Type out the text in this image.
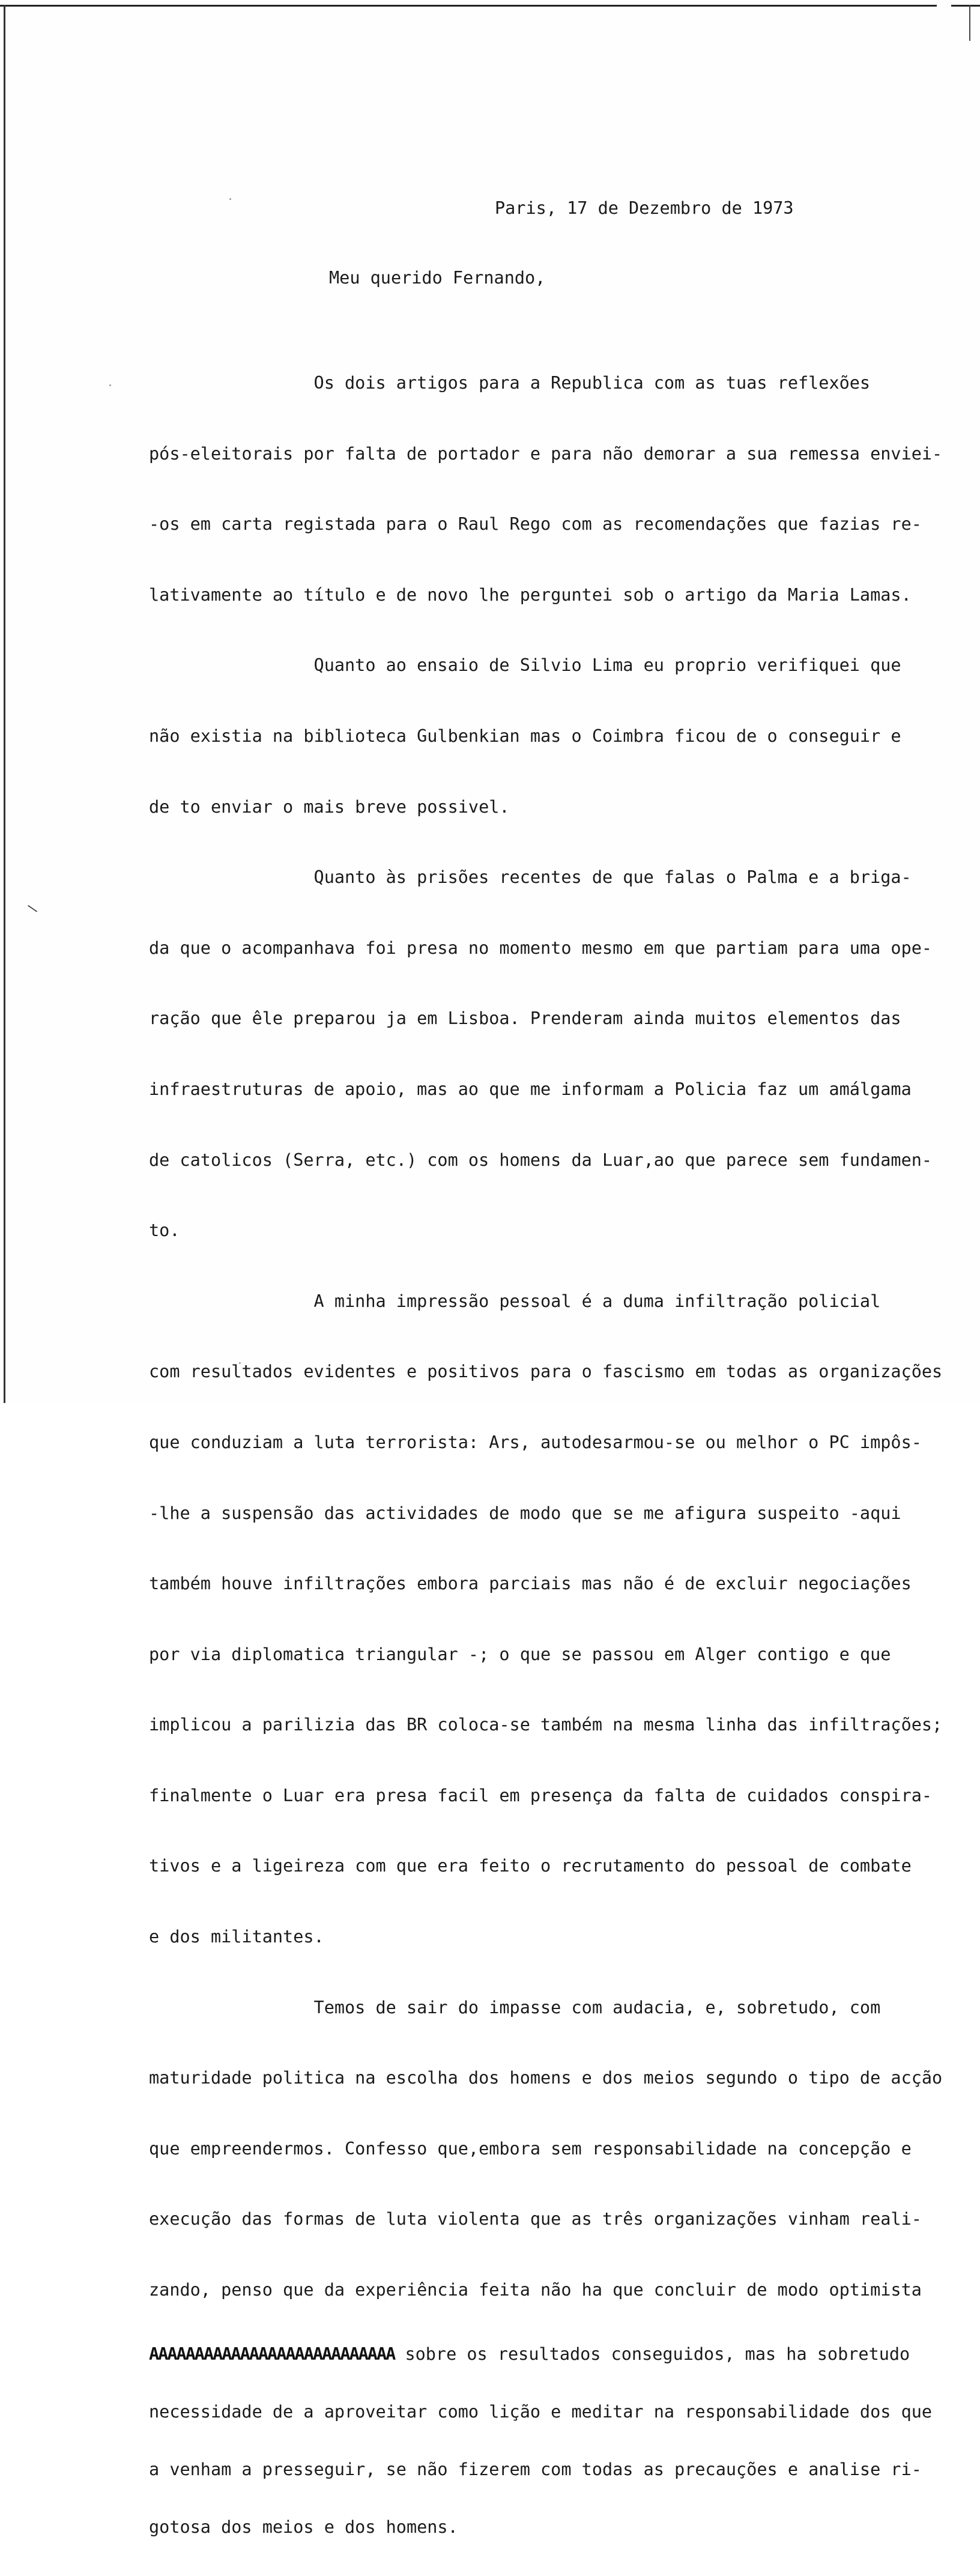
\
Paris, 17 de Dezembro de 1973
Meu querido Fernando,

Os dois artigos para a Republica com as tuas reflexões

pós-eleitorais por falta de portador e para não demorar a sua remessa enviei-

-os em carta registada para o Raul Rego com as recomendações que fazias re-

lativamente ao título e de novo lhe perguntei sob o artigo da Maria Lamas.

Quanto ao ensaio de Silvio Lima eu proprio verifiquei que

não existia na biblioteca Gulbenkian mas o Coimbra ficou de o conseguir e

de to enviar o mais breve possivel.

Quanto às prisões recentes de que falas o Palma e a briga-

da que o acompanhava foi presa no momento mesmo em que partiam para uma ope-

ração que êle preparou ja em Lisboa. Prenderam ainda muitos elementos das

infraestruturas de apoio, mas ao que me informam a Policia faz um amálgama

de catolicos (Serra, etc.) com os homens da Luar,ao que parece sem fundamen-

to.

A minha impressão pessoal é a duma infiltração policial

com resultados evidentes e positivos para o fascismo em todas as organizações

que conduziam a luta terrorista: Ars, autodesarmou-se ou melhor o PC impôs-

-lhe a suspensão das actividades de modo que se me afigura suspeito -aqui

também houve infiltrações embora parciais mas não é de excluir negociações

por via diplomatica triangular -; o que se passou em Alger contigo e que

implicou a parilizia das BR coloca-se também na mesma linha das infiltrações;

finalmente o Luar era presa facil em presença da falta de cuidados conspira-

tivos e a ligeireza com que era feito o recrutamento do pessoal de combate

e dos militantes.

Temos de sair do impasse com audacia, e, sobretudo, com

maturidade politica na escolha dos homens e dos meios segundo o tipo de acção

que empreendermos. Confesso que,embora sem responsabilidade na concepção e

execução das formas de luta violenta que as três organizações vinham reali-

zando, penso que da experiência feita não ha que concluir de modo optimista

AAAAAAAAAAAAAAAAAAAAAAAAAAA sobre os resultados conseguidos, mas ha sobretudo

necessidade de a aproveitar como lição e meditar na responsabilidade dos que

a venham a presseguir, se não fizerem com todas as precauções e analise ri-

gotosa dos meios e dos homens.
